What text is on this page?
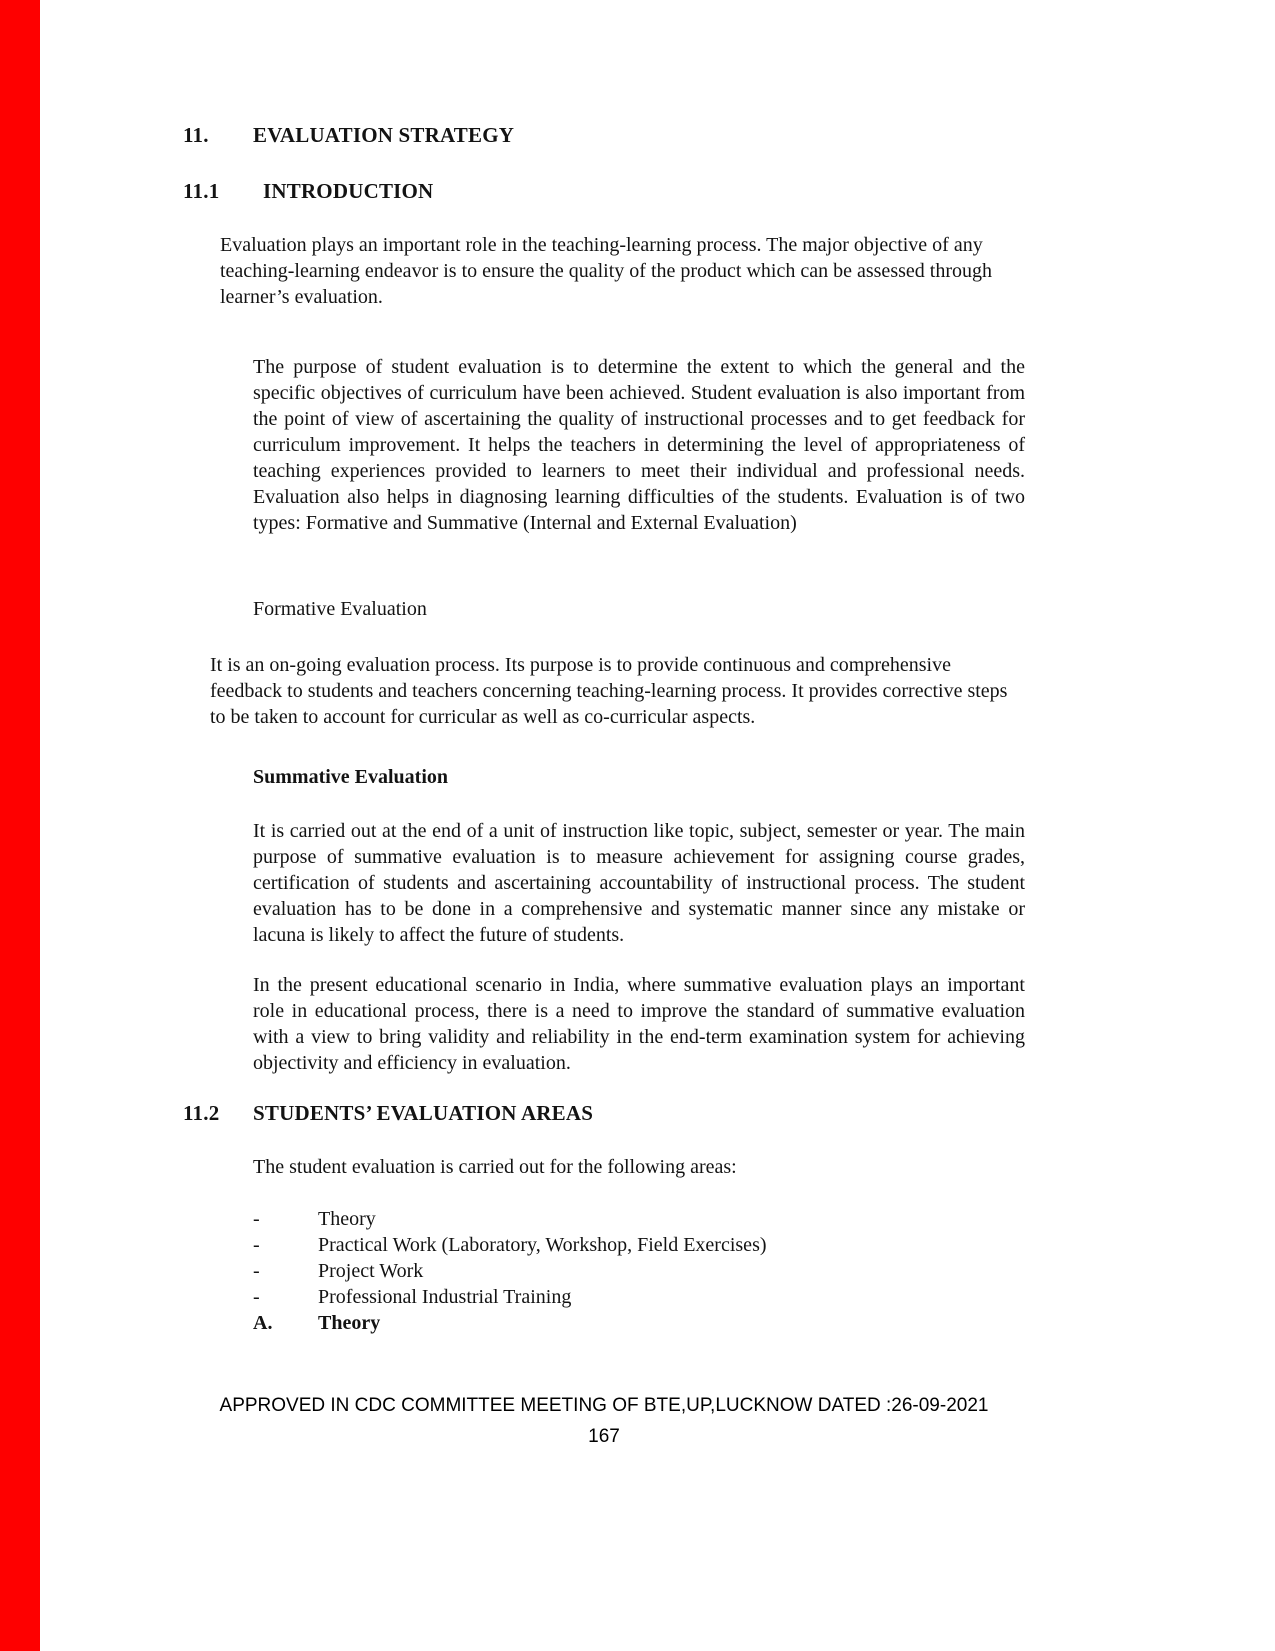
11.	EVALUATION STRATEGY
11.1	INTRODUCTION

Evaluation plays an important role in the teaching-learning process. The major objective of any teaching-learning endeavor is to ensure the quality of the product which can be assessed through learner’s evaluation.

The purpose of student evaluation is to determine the extent to which the general and the specific objectives of curriculum have been achieved. Student evaluation is also important from the point of view of ascertaining the quality of instructional processes and to get feedback for curriculum improvement. It helps the teachers in determining the level of appropriateness of teaching experiences provided to learners to meet their individual and professional needs. Evaluation also helps in diagnosing learning difficulties of the students. Evaluation is of two types: Formative and Summative (Internal and External Evaluation)

Formative Evaluation

It is an on-going evaluation process. Its purpose is to provide continuous and comprehensive feedback to students and teachers concerning teaching-learning process. It provides corrective steps to be taken to account for curricular as well as co-curricular aspects.

Summative Evaluation

It is carried out at the end of a unit of instruction like topic, subject, semester or year. The main purpose of summative evaluation is to measure achievement for assigning course grades, certification of students and ascertaining accountability of instructional process. The student evaluation has to be done in a comprehensive and systematic manner since any mistake or lacuna is likely to affect the future of students.

In the present educational scenario in India, where summative evaluation plays an important role in educational process, there is a need to improve the standard of summative evaluation with a view to bring validity and reliability in the end-term examination system for achieving objectivity and efficiency in evaluation.

11.2	STUDENTS’ EVALUATION AREAS

The student evaluation is carried out for the following areas:

-	Theory
-	Practical Work (Laboratory, Workshop, Field Exercises)
-	Project Work
-	Professional Industrial Training
A.	Theory
APPROVED IN CDC COMMITTEE MEETING OF BTE,UP,LUCKNOW DATED :26-09-2021
167
